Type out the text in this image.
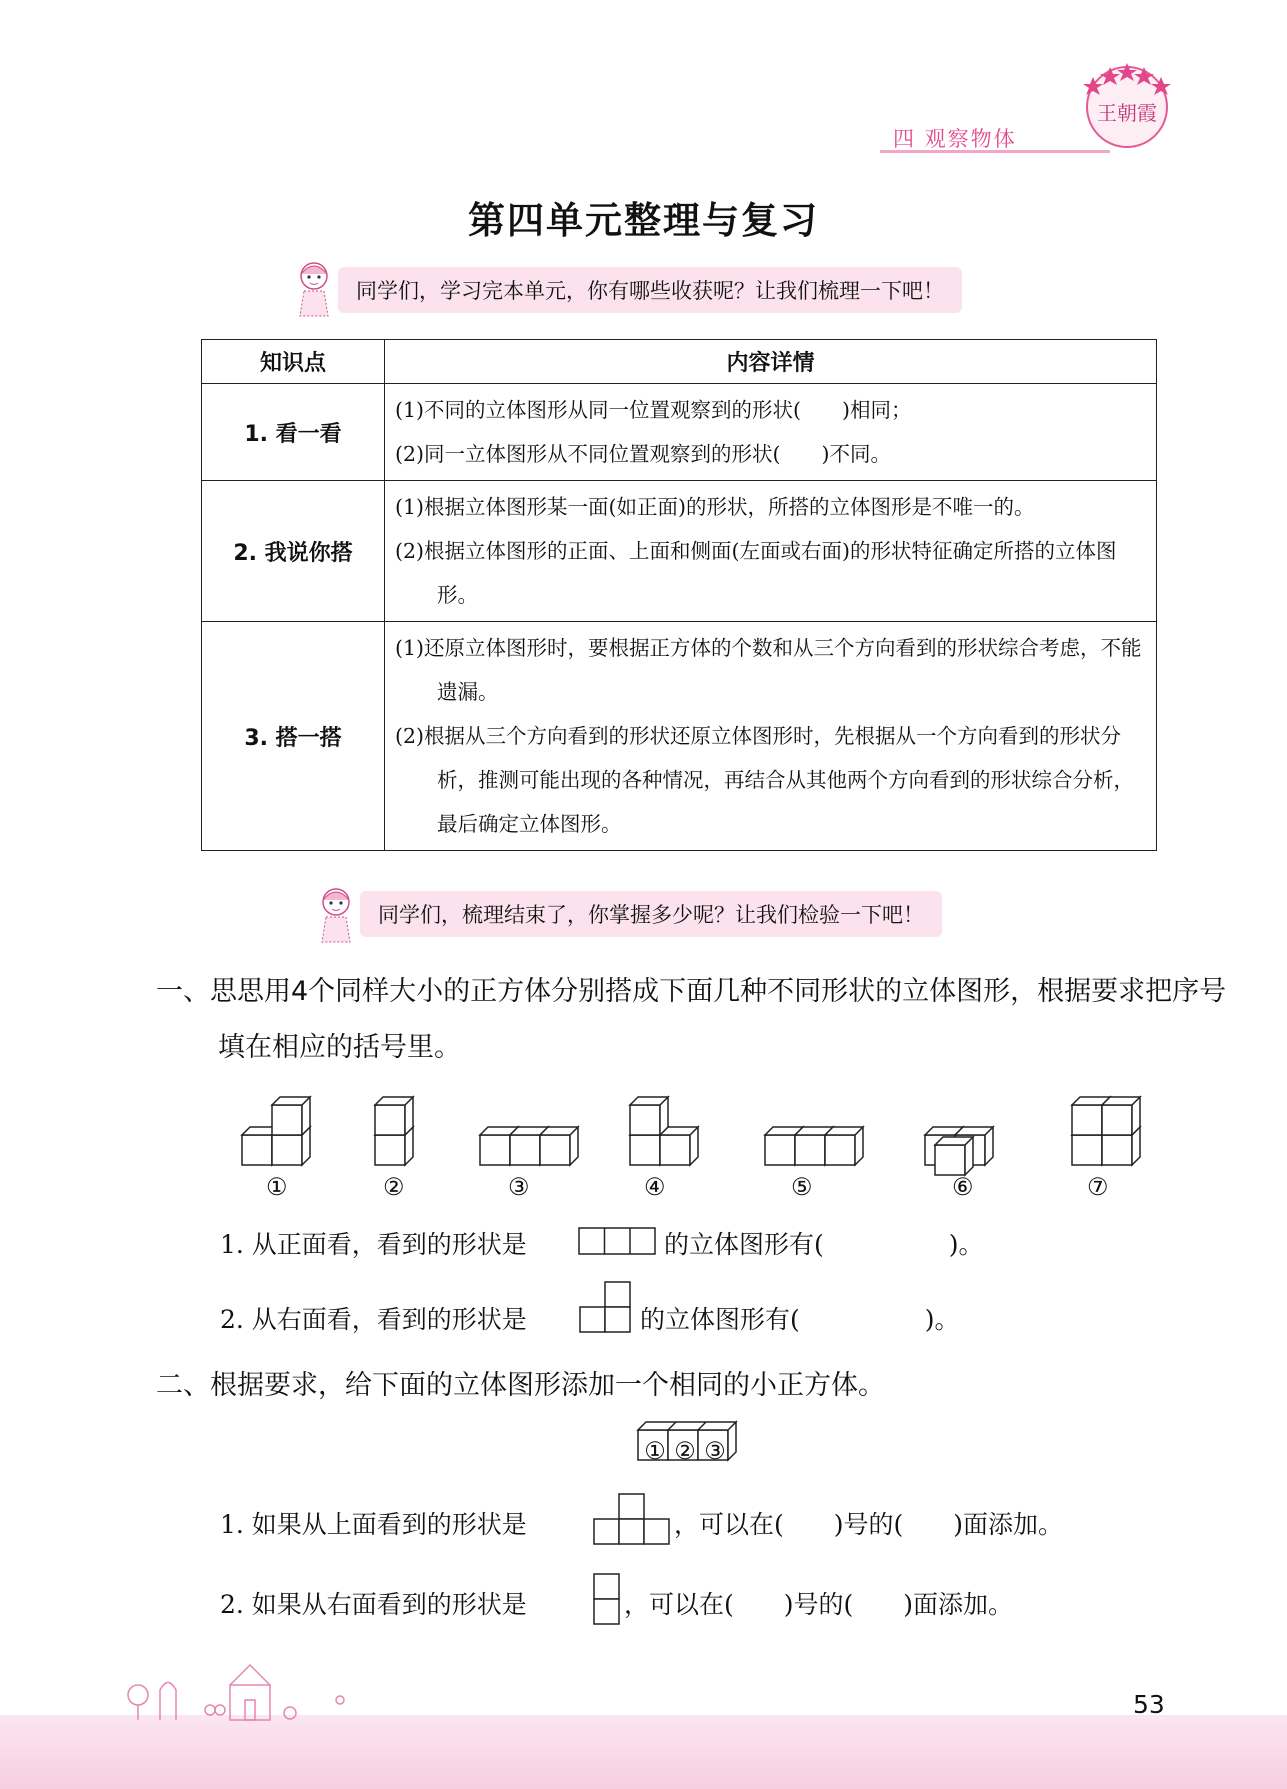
四 观察物体
王朝霞
第四单元整理与复习
同学们，学习完本单元，你有哪些收获呢？让我们梳理一下吧！
知识点	内容详情
1. 看一看	(1)不同的立体图形从同一位置观察到的形状(　　)相同；
(2)同一立体图形从不同位置观察到的形状(　　)不同。

2. 我说你搭	(1)根据立体图形某一面(如正面)的形状，所搭的立体图形是不唯一的。
(2)根据立体图形的正面、上面和侧面(左面或右面)的形状特征确定所搭的立体图形。

3. 搭一搭	(1)还原立体图形时，要根据正方体的个数和从三个方向看到的形状综合考虑，不能遗漏。
(2)根据从三个方向看到的形状还原立体图形时，先根据从一个方向看到的形状分析，推测可能出现的各种情况，再结合从其他两个方向看到的形状综合分析，最后确定立体图形。
同学们，梳理结束了，你掌握多少呢？让我们检验一下吧！
一、思思用4个同样大小的正方体分别搭成下面几种不同形状的立体图形，根据要求把序号填在相应的括号里。
①	②	③	④	⑤	⑥	⑦
1. 从正面看，看到的形状是	的立体图形有(　　　　　)。
2. 从右面看，看到的形状是	的立体图形有(　　　　　)。
二、根据要求，给下面的立体图形添加一个相同的小正方体。
① ② ③
1. 如果从上面看到的形状是	，可以在(　　)号的(　　)面添加。
2. 如果从右面看到的形状是	，可以在(　　)号的(　　)面添加。
53
